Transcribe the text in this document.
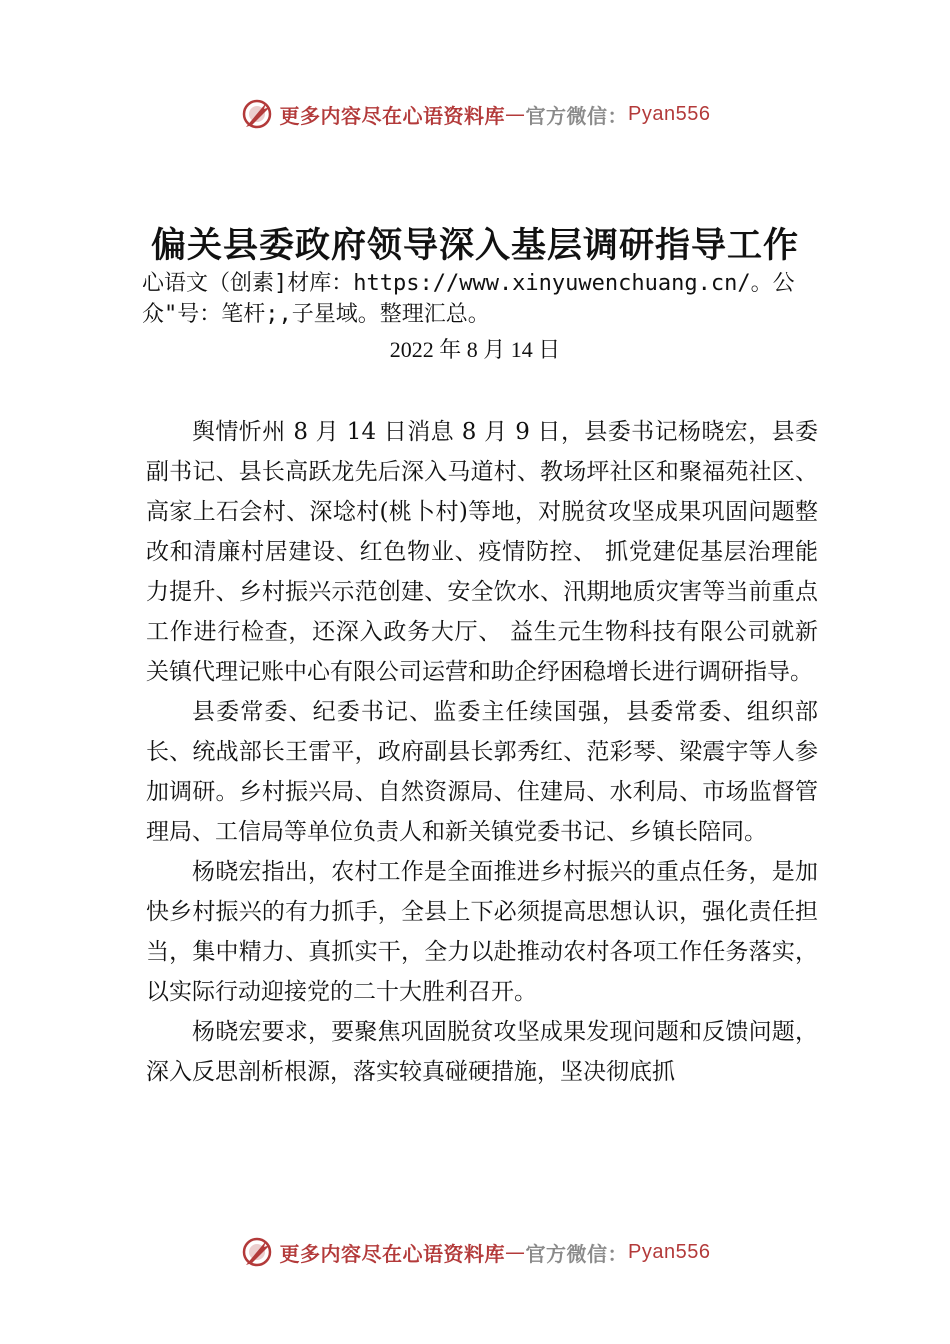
更多内容尽在心语资料库 — 官方微信： Pyan556
偏关县委政府领导深入基层调研指导工作
心语文（创素]材库：https://www.xinyuwenchuang.cn/。公众"号：笔杆;,子星域。整理汇总。
2022 年 8 月 14 日

舆情忻州 8 月 14 日消息 8 月 9 日，县委书记杨晓宏，县委副书记、县长高跃龙先后深入马道村、教场坪社区和聚福苑社区、高家上石会村、深埝村(桃卜村)等地，对脱贫攻坚成果巩固问题整改和清廉村居建设、红色物业、疫情防控、 抓党建促基层治理能力提升、乡村振兴示范创建、安全饮水、汛期地质灾害等当前重点工作进行检查，还深入政务大厅、 益生元生物科技有限公司就新关镇代理记账中心有限公司运营和助企纾困稳增长进行调研指导。

县委常委、纪委书记、监委主任续国强，县委常委、组织部长、统战部长王雷平，政府副县长郭秀红、范彩琴、梁震宇等人参加调研。乡村振兴局、自然资源局、住建局、水利局、市场监督管理局、工信局等单位负责人和新关镇党委书记、乡镇长陪同。

杨晓宏指出，农村工作是全面推进乡村振兴的重点任务，是加快乡村振兴的有力抓手，全县上下必须提高思想认识，强化责任担当，集中精力、真抓实干，全力以赴推动农村各项工作任务落实，以实际行动迎接党的二十大胜利召开。

杨晓宏要求，要聚焦巩固脱贫攻坚成果发现问题和反馈问题，深入反思剖析根源，落实较真碰硬措施，坚决彻底抓

更多内容尽在心语资料库 — 官方微信： Pyan556
